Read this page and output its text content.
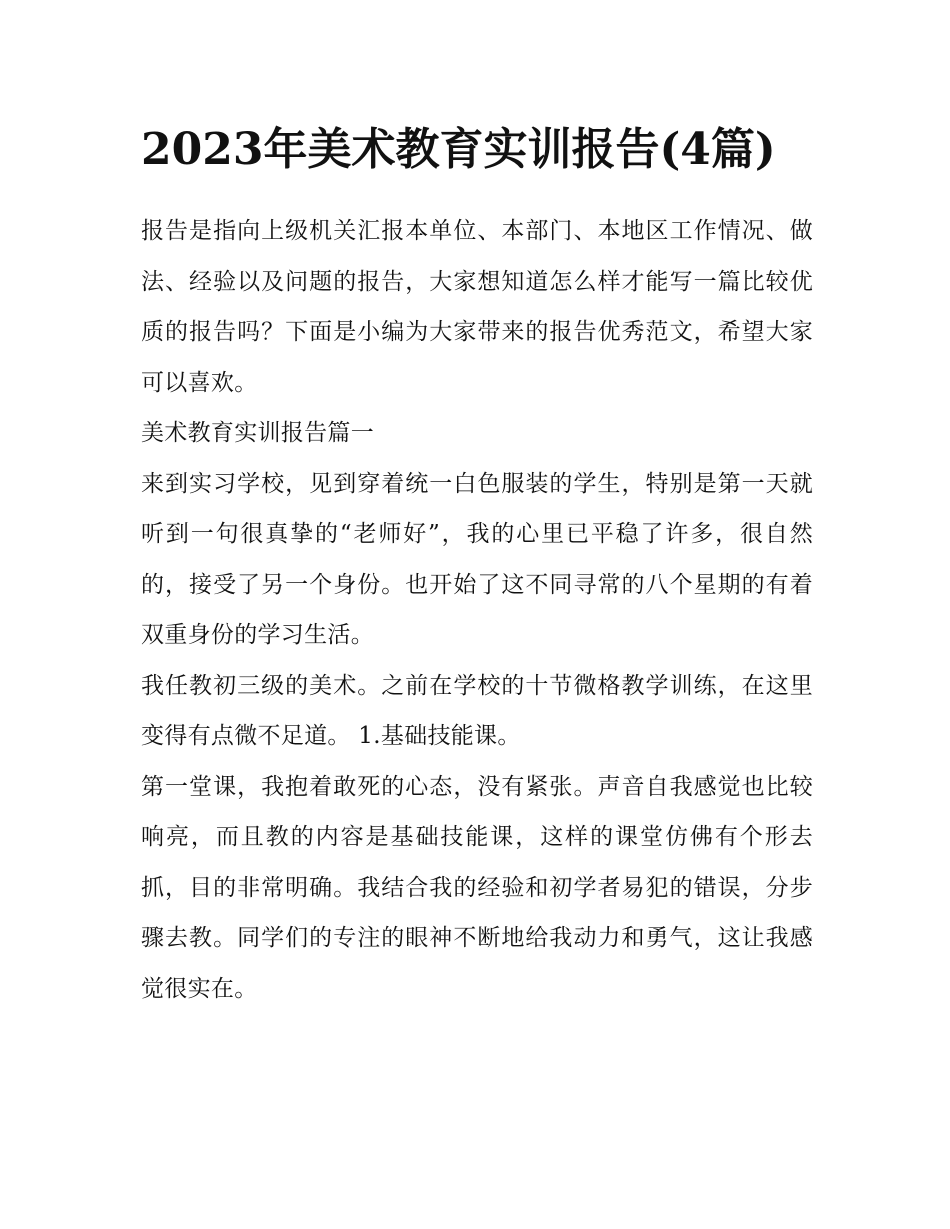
2023年美术教育实训报告(4篇)

报告是指向上级机关汇报本单位、本部门、本地区工作情况、做法、经验以及问题的报告，大家想知道怎么样才能写一篇比较优质的报告吗？下面是小编为大家带来的报告优秀范文，希望大家可以喜欢。

美术教育实训报告篇一

来到实习学校，见到穿着统一白色服装的学生，特别是第一天就听到一句很真挚的“老师好”，我的心里已平稳了许多，很自然的，接受了另一个身份。也开始了这不同寻常的八个星期的有着双重身份的学习生活。

我任教初三级的美术。之前在学校的十节微格教学训练，在这里变得有点微不足道。 1.基础技能课。

第一堂课，我抱着敢死的心态，没有紧张。声音自我感觉也比较响亮，而且教的内容是基础技能课，这样的课堂仿佛有个形去抓，目的非常明确。我结合我的经验和初学者易犯的错误，分步骤去教。同学们的专注的眼神不断地给我动力和勇气，这让我感觉很实在。
